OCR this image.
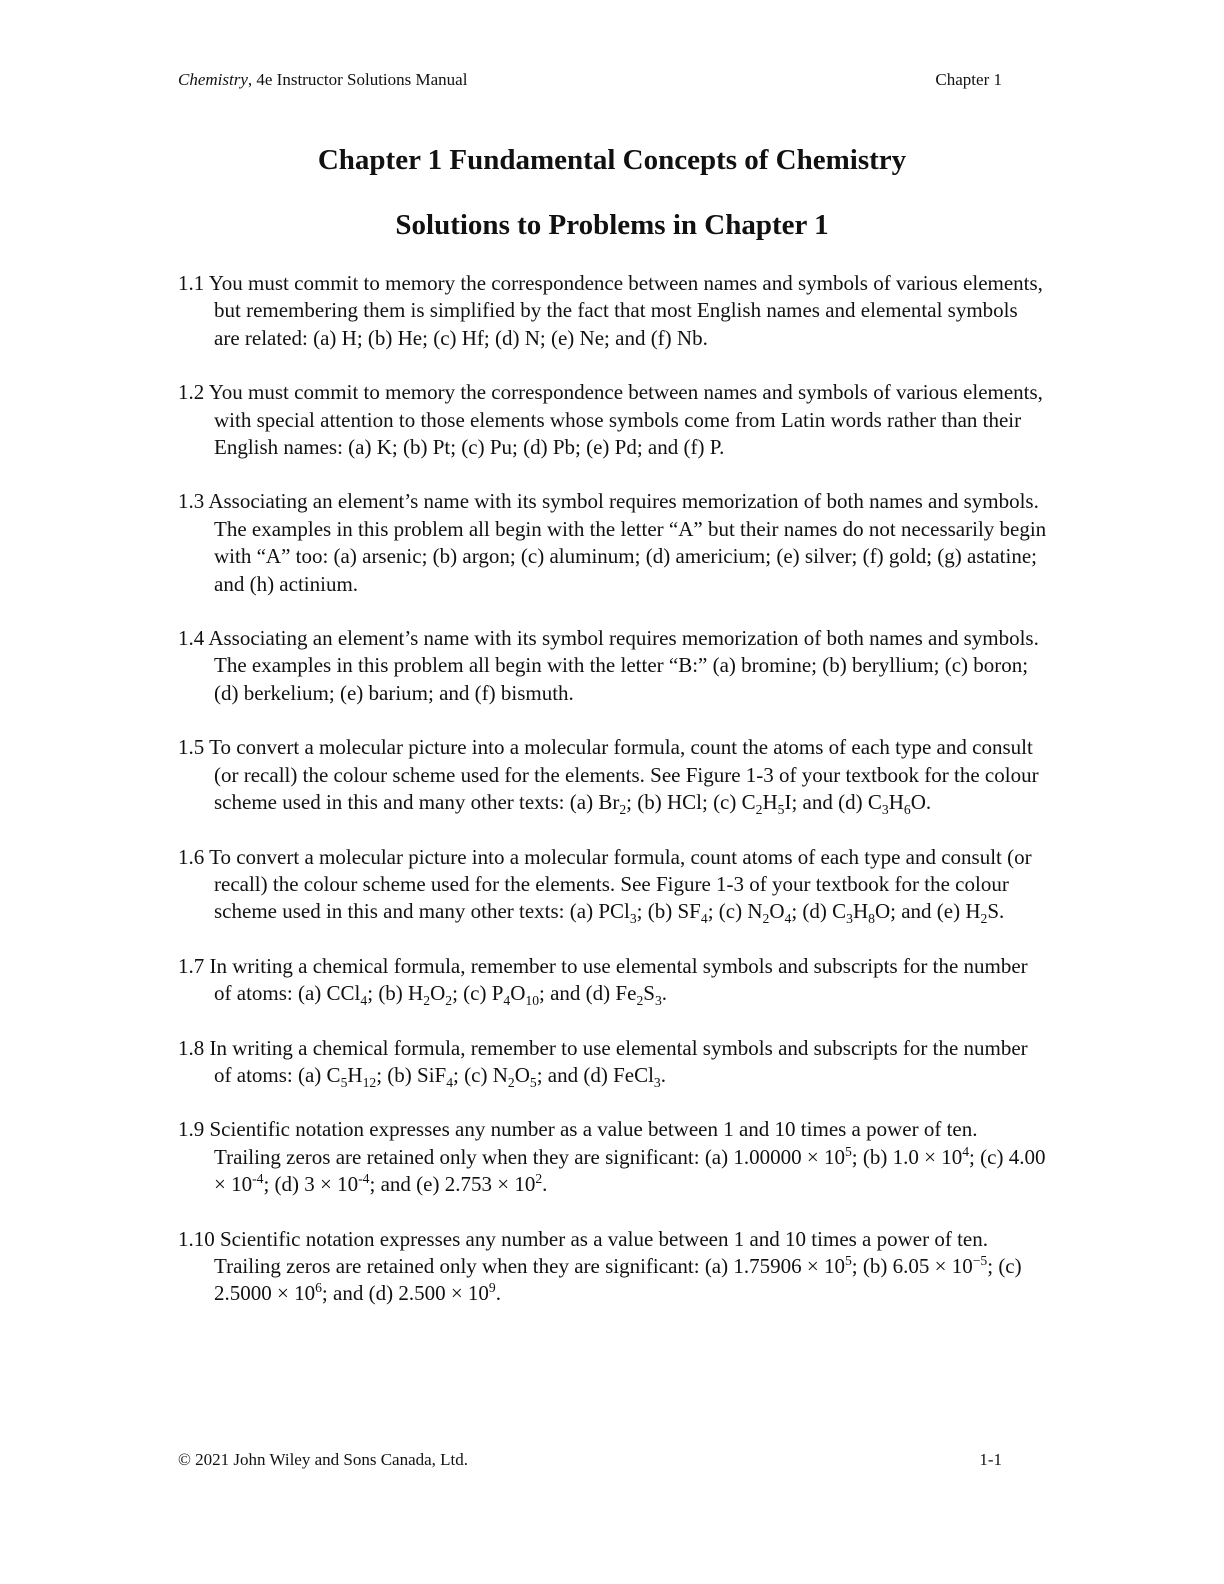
Chemistry, 4e Instructor Solutions Manual	Chapter 1
Chapter 1 Fundamental Concepts of Chemistry
Solutions to Problems in Chapter 1

1.1 You must commit to memory the correspondence between names and symbols of various elements, but remembering them is simplified by the fact that most English names and elemental symbols are related: (a) H; (b) He; (c) Hf; (d) N; (e) Ne; and (f) Nb.

1.2 You must commit to memory the correspondence between names and symbols of various elements, with special attention to those elements whose symbols come from Latin words rather than their English names: (a) K; (b) Pt; (c) Pu; (d) Pb; (e) Pd; and (f) P.

1.3 Associating an element’s name with its symbol requires memorization of both names and symbols. The examples in this problem all begin with the letter “A” but their names do not necessarily begin with “A” too: (a) arsenic; (b) argon; (c) aluminum; (d) americium; (e) silver; (f) gold; (g) astatine; and (h) actinium.

1.4 Associating an element’s name with its symbol requires memorization of both names and symbols. The examples in this problem all begin with the letter “B:” (a) bromine; (b) beryllium; (c) boron; (d) berkelium; (e) barium; and (f) bismuth.

1.5 To convert a molecular picture into a molecular formula, count the atoms of each type and consult (or recall) the colour scheme used for the elements. See Figure 1-3 of your textbook for the colour scheme used in this and many other texts: (a) $Br_2$; (b) HCl; (c) $C_2H_5I$; and (d) $C_3H_6O$.

1.6 To convert a molecular picture into a molecular formula, count atoms of each type and consult (or recall) the colour scheme used for the elements. See Figure 1-3 of your textbook for the colour scheme used in this and many other texts: (a) PCl$_3$; (b) $SF_4$; (c) $N_2O_4$; (d) $C_3H_8O$; and (e) $H_2S$.

1.7 In writing a chemical formula, remember to use elemental symbols and subscripts for the number of atoms: (a) CCl$_4$; (b) $H_2O_2$; (c) $P_4O_{10}$; and (d) $Fe_2S_3$.

1.8 In writing a chemical formula, remember to use elemental symbols and subscripts for the number of atoms: (a) $C_5H_{12}$; (b) SiF$_4$; (c) $N_2O_5$; and (d) FeCl$_3$.

1.9 Scientific notation expresses any number as a value between 1 and 10 times a power of ten. Trailing zeros are retained only when they are significant: (a) $1.00000 \times 10^5$; (b) $1.0 \times 10^4$; (c) $4.00 \times 10^{-4}$; (d) $3 \times 10^{-4}$; and (e) $2.753 \times 10^2$.

1.10 Scientific notation expresses any number as a value between 1 and 10 times a power of ten. Trailing zeros are retained only when they are significant: (a) $1.75906 \times 10^5$; (b) $6.05 \times 10^{-5}$; (c) $2.5000 \times 10^6$; and (d) $2.500 \times 10^9$.

© 2021 John Wiley and Sons Canada, Ltd.	1-1
